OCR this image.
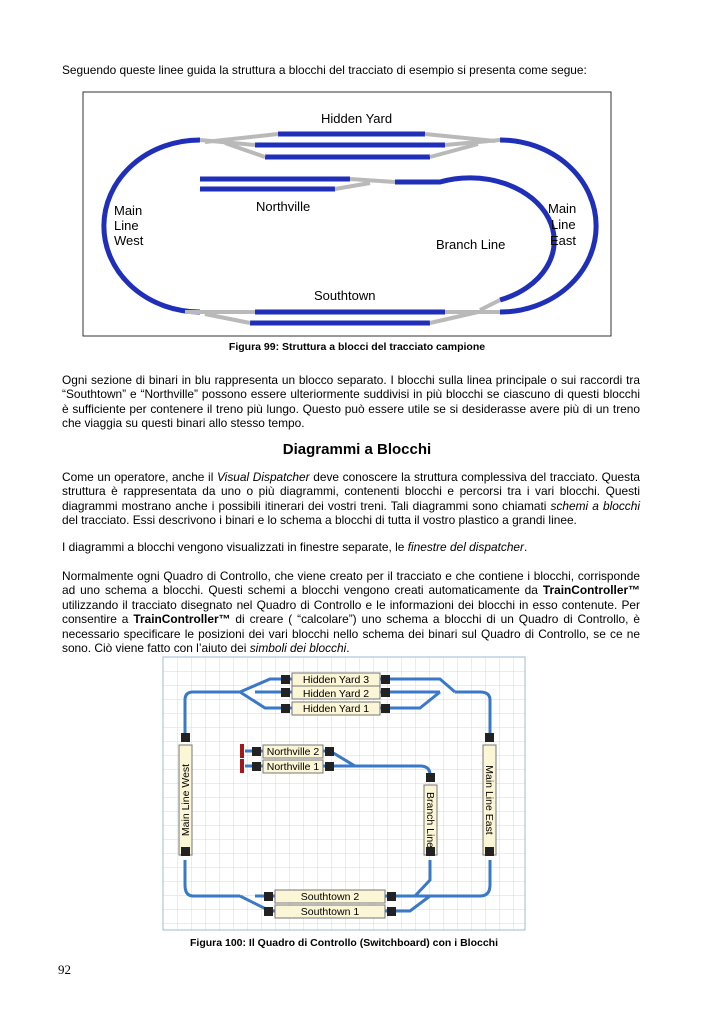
Seguendo queste linee guida la struttura a blocchi del tracciato di esempio si presenta come segue:

Hidden Yard
Northville
Main
Line
West
Main
Line
East
Branch Line
Southtown

Figura 99: Struttura a blocci del tracciato campione

Ogni sezione di binari in blu rappresenta un blocco separato. I blocchi sulla linea principale o sui raccordi tra “Southtown” e “Northville” possono essere ulteriormente suddivisi in più blocchi se ciascuno di questi blocchi è sufficiente per contenere il treno più lungo. Questo può essere utile se si desiderasse avere più di un treno che viaggia su questi binari allo stesso tempo.

Diagrammi a Blocchi

Come un operatore, anche il Visual Dispatcher deve conoscere la struttura complessiva del tracciato. Questa struttura è rappresentata da uno o più diagrammi, contenenti blocchi e percorsi tra i vari blocchi. Questi diagrammi mostrano anche i possibili itinerari dei vostri treni. Tali diagrammi sono chiamati schemi a blocchi del tracciato. Essi descrivono i binari e lo schema a blocchi di tutta il vostro plastico a grandi linee.

I diagrammi a blocchi vengono visualizzati in finestre separate, le finestre del dispatcher.

Normalmente ogni Quadro di Controllo, che viene creato per il tracciato e che contiene i blocchi, corrisponde ad uno schema a blocchi. Questi schemi a blocchi vengono creati automaticamente da TrainController™ utilizzando il tracciato disegnato nel Quadro di Controllo e le informazioni dei blocchi in esso contenute. Per consentire a TrainController™ di creare ( “calcolare”) uno schema a blocchi di un Quadro di Controllo, è necessario specificare le posizioni dei vari blocchi nello schema dei binari sul Quadro di Controllo, se ce ne sono. Ciò viene fatto con l’aiuto dei simboli dei blocchi.

Hidden Yard 3
Hidden Yard 2
Hidden Yard 1
Northville 2
Northville 1
Main Line West	Main Line East
Branch Line
Southtown 2
Southtown 1

Figura 100: Il Quadro di Controllo (Switchboard) con i Blocchi

92
